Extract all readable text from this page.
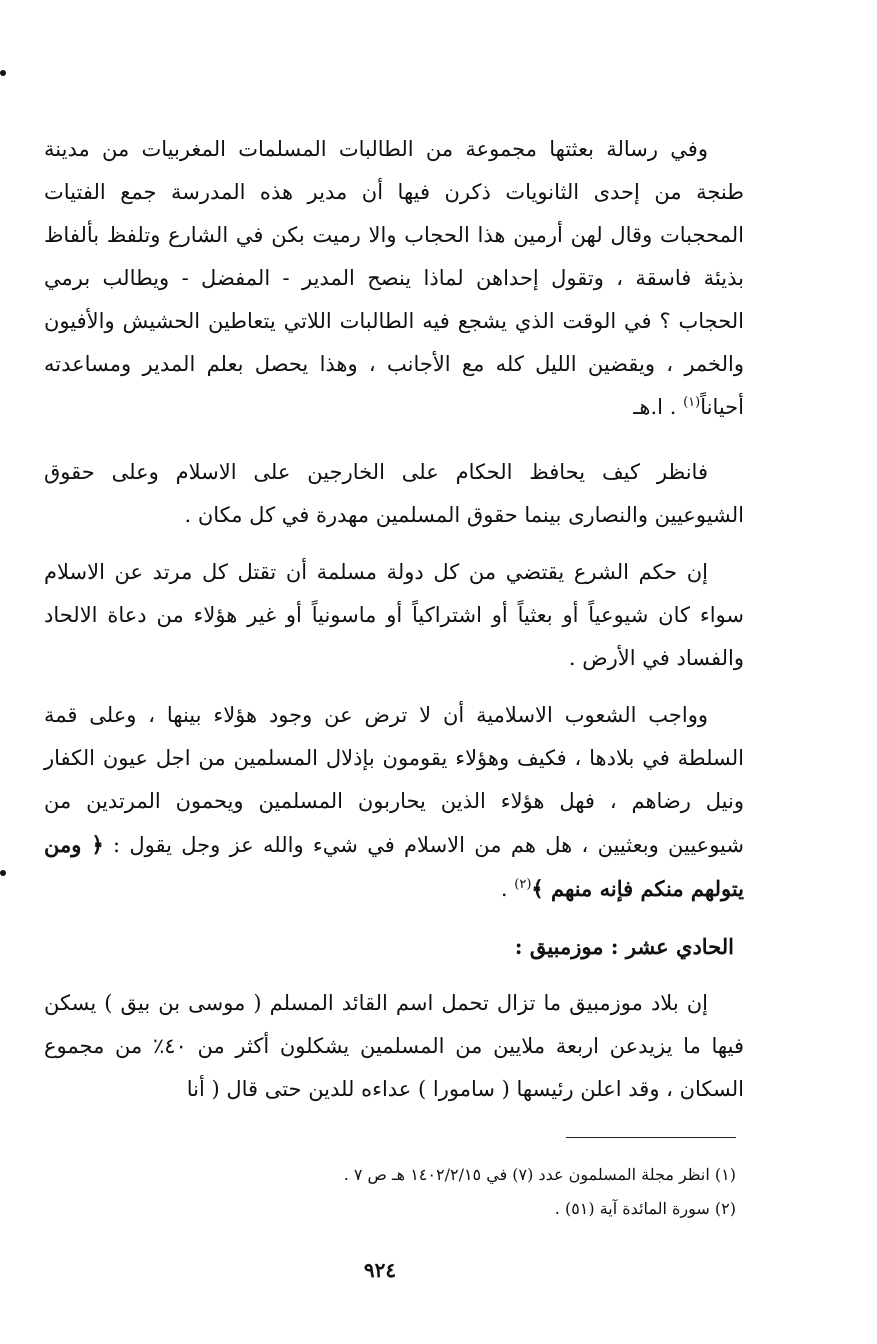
وفي رسالة بعثتها مجموعة من الطالبات المسلمات المغربيات من مدينة طنجة من إحدى الثانويات ذكرن فيها أن مدير هذه المدرسة جمع الفتيات المحجبات وقال لهن أرمين هذا الحجاب والا رميت بكن في الشارع وتلفظ بألفاظ بذيئة فاسقة ، وتقول إحداهن لماذا ينصح المدير - المفضل - ويطالب برمي الحجاب ؟ في الوقت الذي يشجع فيه الطالبات اللاتي يتعاطين الحشيش والأفيون والخمر ، ويقضين الليل كله مع الأجانب ، وهذا يحصل بعلم المدير ومساعدته أحياناً$^{(١)}$ . ا.هـ

فانظر كيف يحافظ الحكام على الخارجين على الاسلام وعلى حقوق الشيوعيين والنصارى بينما حقوق المسلمين مهدرة في كل مكان .

إن حكم الشرع يقتضي من كل دولة مسلمة أن تقتل كل مرتد عن الاسلام سواء كان شيوعياً أو بعثياً أو اشتراكياً أو ماسونياً أو غير هؤلاء من دعاة الالحاد والفساد في الأرض .

وواجب الشعوب الاسلامية أن لا ترض عن وجود هؤلاء بينها ، وعلى قمة السلطة في بلادها ، فكيف وهؤلاء يقومون بإذلال المسلمين من اجل عيون الكفار ونيل رضاهم ، فهل هؤلاء الذين يحاربون المسلمين ويحمون المرتدين من شيوعيين وبعثيين ، هل هم من الاسلام في شيء والله عز وجل يقول : ﴿ ومن يتولهم منكم فإنه منهم ﴾$^{(٢)}$ .

الحادي عشر : موزمبيق :

إن بلاد موزمبيق ما تزال تحمل اسم القائد المسلم ( موسى بن بيق ) يسكن فيها ما يزيدعن اربعة ملايين من المسلمين يشكلون أكثر من ٤٠٪ من مجموع السكان ، وقد اعلن رئيسها ( سامورا ) عداءه للدين حتى قال ( أنا

(١) انظر مجلة المسلمون عدد (٧) في ١٤٠٢/٢/١٥ هـ ص ٧ .

(٢) سورة المائدة آية (٥١) .

٩٢٤
